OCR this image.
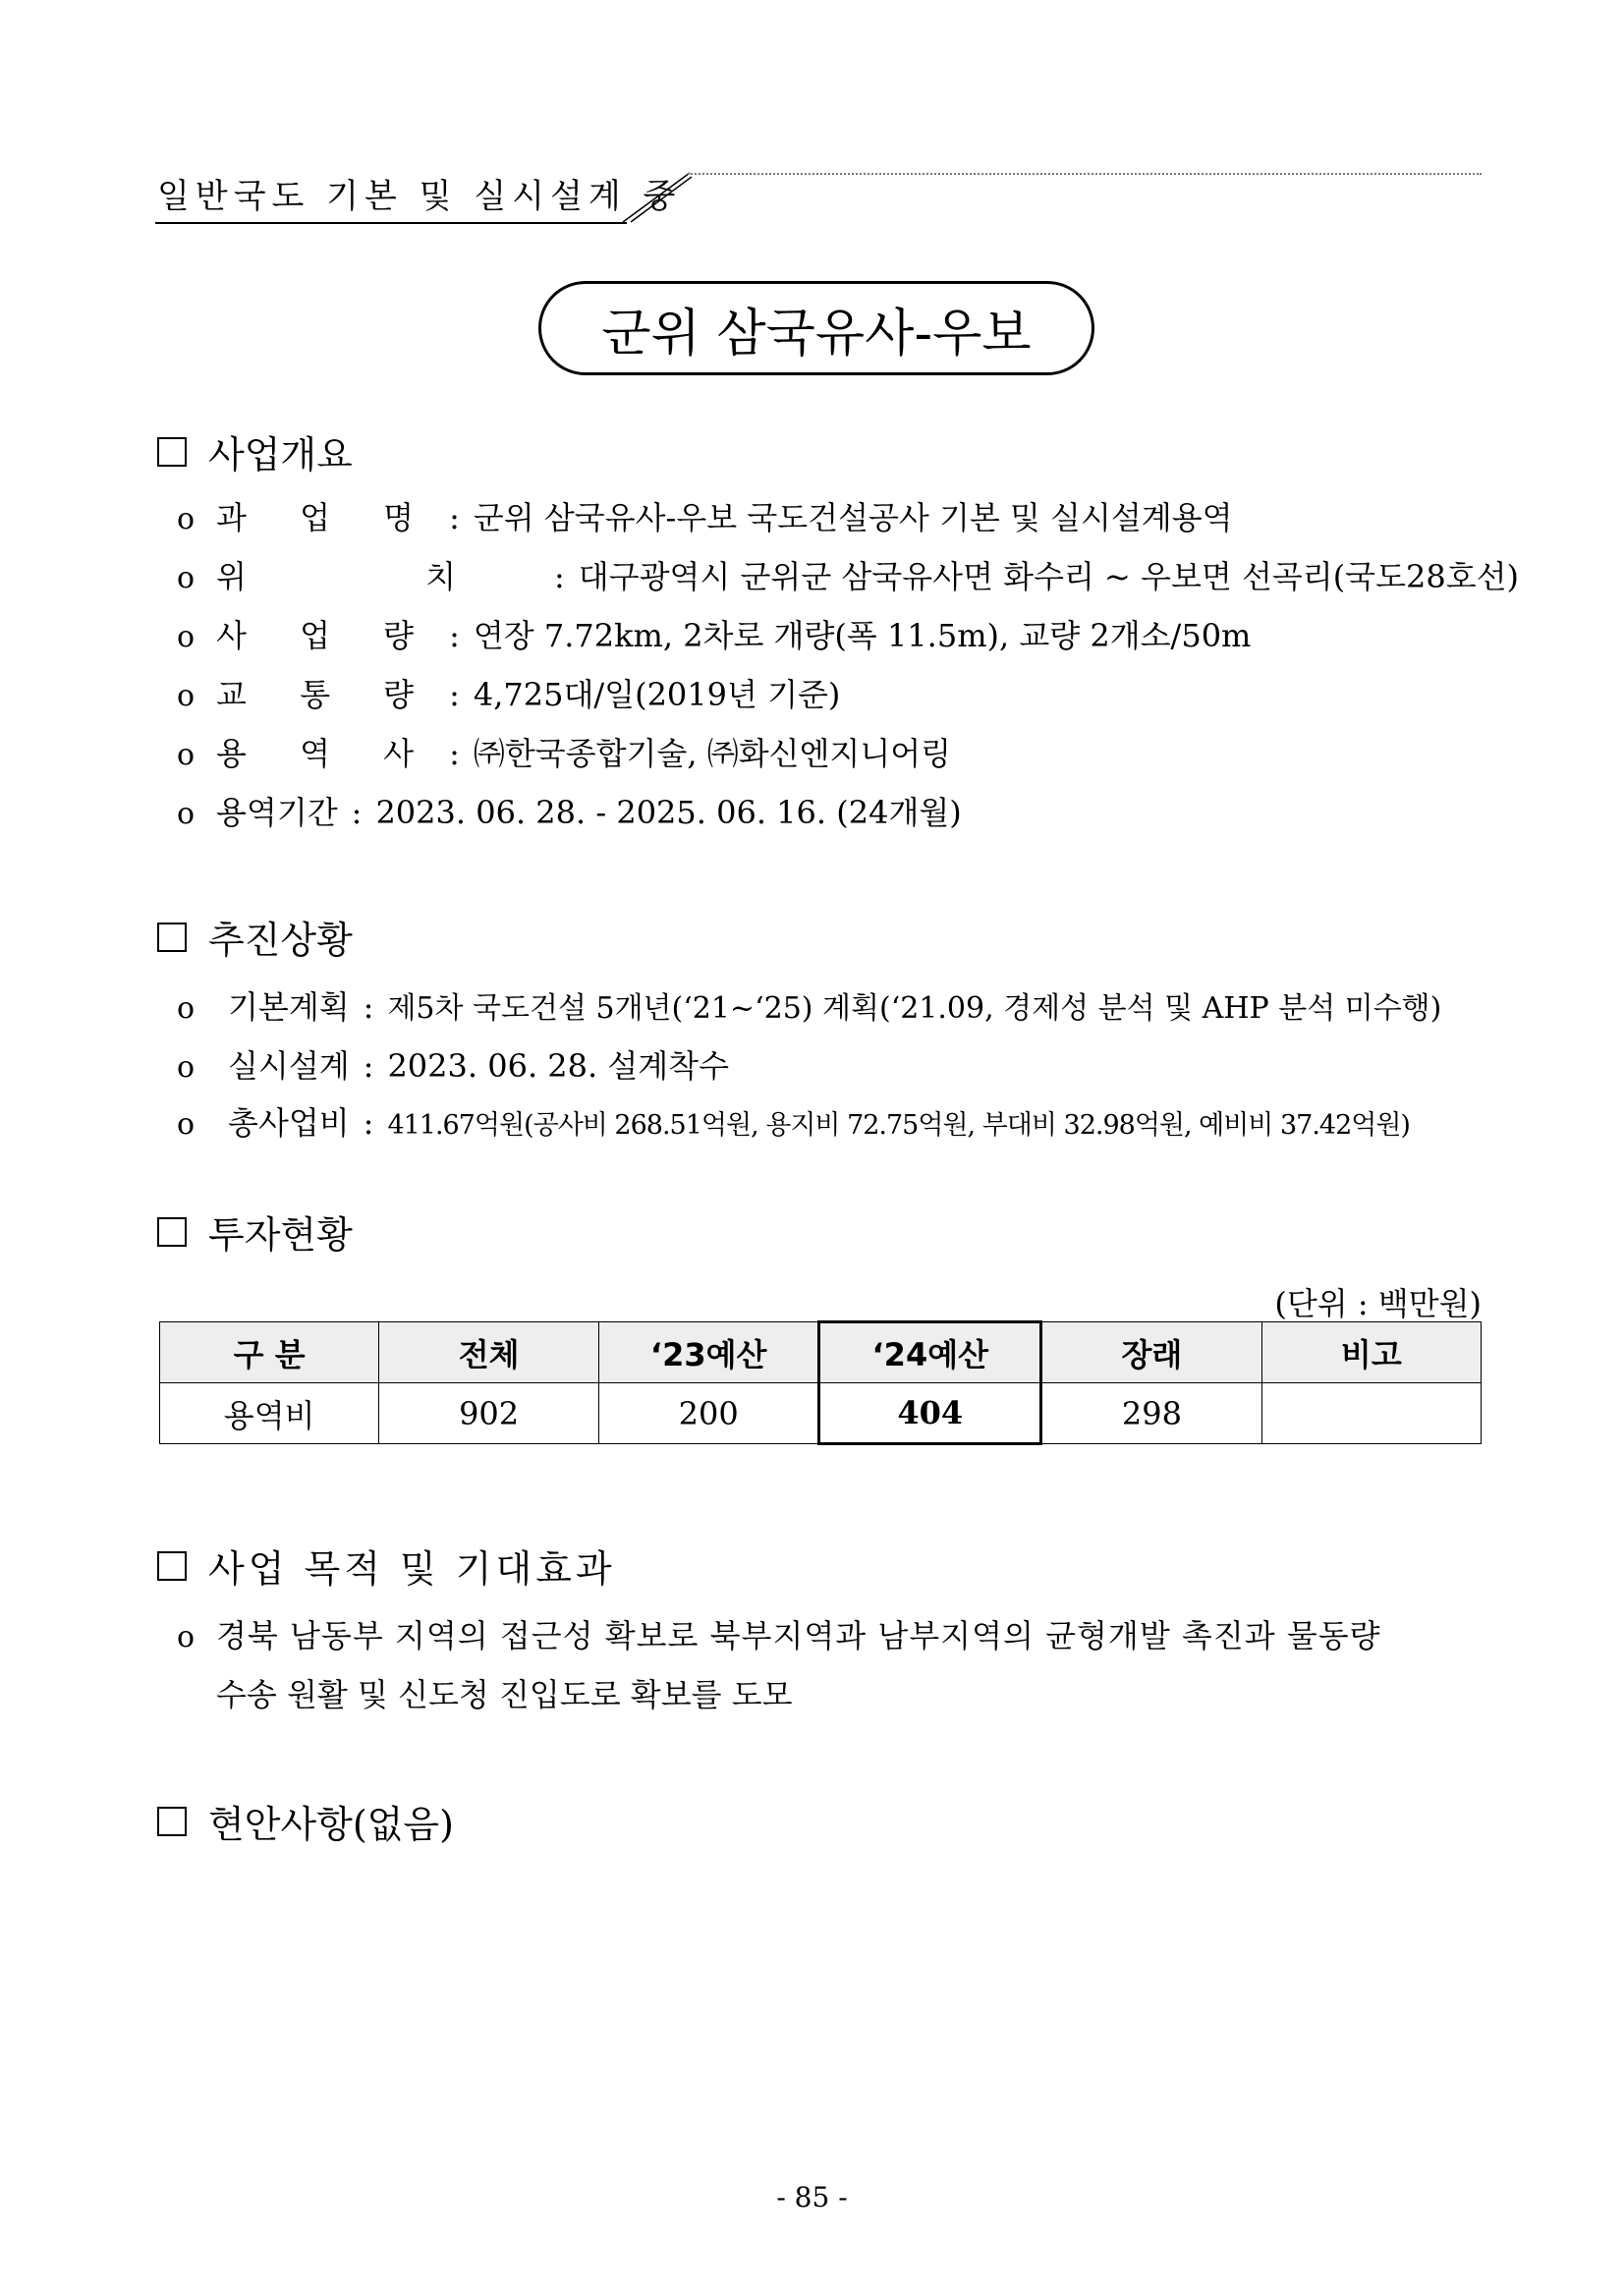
일반국도 기본 및 실시설계 중
군위 삼국유사-우보
사업개요
o 과 업 명 : 군위 삼국유사-우보 국도건설공사 기본 및 실시설계용역
o 위 치 : 대구광역시 군위군 삼국유사면 화수리 ~ 우보면 선곡리(국도28호선)
o 사 업 량 : 연장 7.72km, 2차로 개량(폭 11.5m), 교량 2개소/50m
o 교 통 량 : 4,725대/일(2019년 기준)
o 용 역 사 : ㈜한국종합기술, ㈜화신엔지니어링
o 용역기간 : 2023. 06. 28. - 2025. 06. 16. (24개월)
추진상황
o	기본계획 : 제5차 국도건설 5개년(‘21~‘25) 계획(‘21.09, 경제성 분석 및 AHP 분석 미수행)
o	실시설계 : 2023. 06. 28. 설계착수
o	총사업비 : 411.67억원(공사비 268.51억원, 용지비 72.75억원, 부대비 32.98억원, 예비비 37.42억원)
투자현황
(단위 : 백만원)
구 분	전체	‘23예산	‘24예산	장래	비고
용역비	902	200	404	298	
사업 목적 및 기대효과
o 경북 남동부 지역의 접근성 확보로 북부지역과 남부지역의 균형개발 촉진과 물동량
수송 원활 및 신도청 진입도로 확보를 도모
현안사항(없음)
- 85 -
